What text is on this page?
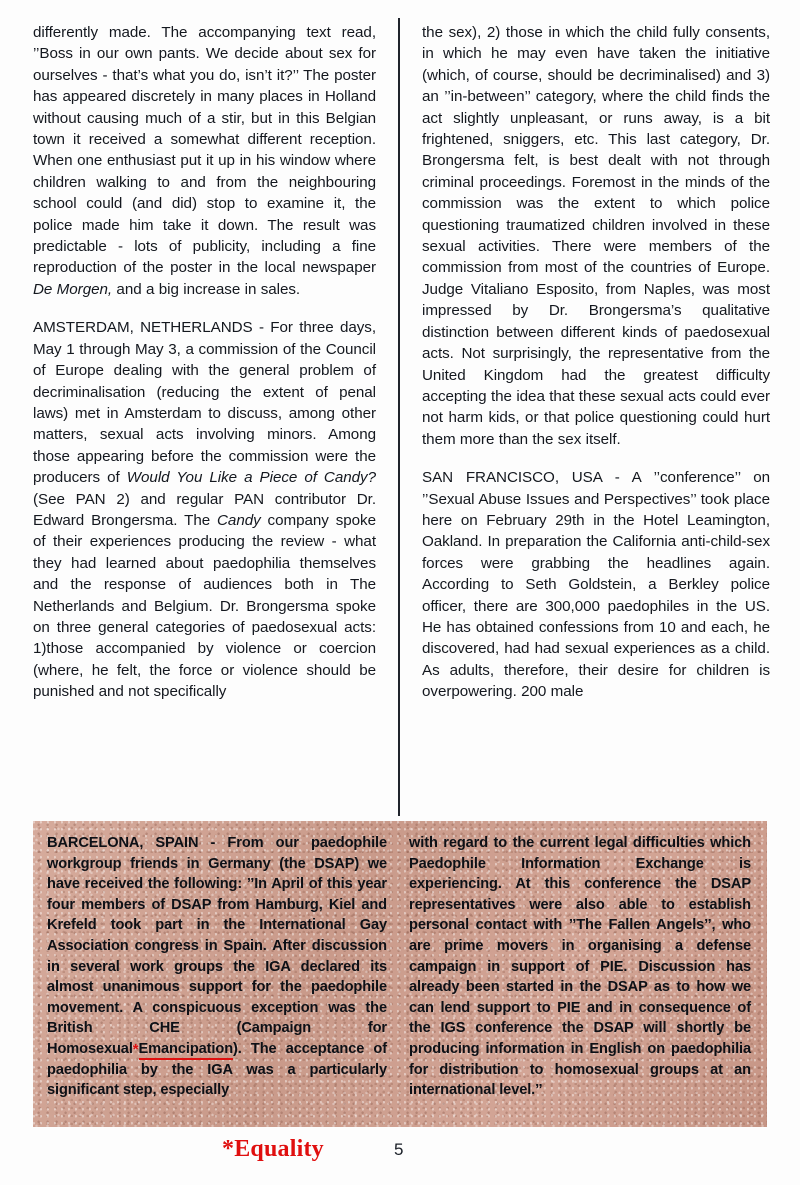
differently made. The accompanying text read, ’’Boss in our own pants. We decide about sex for ourselves - that’s what you do, isn’t it?’’ The poster has appeared discretely in many places in Holland without causing much of a stir, but in this Belgian town it received a somewhat different reception. When one enthusiast put it up in his window where children walking to and from the neighbouring school could (and did) stop to examine it, the police made him take it down. The result was predictable - lots of publicity, including a fine reproduction of the poster in the local newspaper De Morgen, and a big increase in sales.

AMSTERDAM, NETHERLANDS - For three days, May 1 through May 3, a commission of the Council of Europe dealing with the general problem of decriminalisation (reducing the extent of penal laws) met in Amsterdam to discuss, among other matters, sexual acts involving minors. Among those appearing before the commission were the producers of Would You Like a Piece of Candy? (See PAN 2) and regular PAN contributor Dr. Edward Brongersma. The Candy company spoke of their experiences producing the review - what they had learned about paedophilia themselves and the response of audiences both in The Netherlands and Belgium. Dr. Brongersma spoke on three general categories of paedosexual acts: 1)those accompanied by violence or coercion (where, he felt, the force or violence should be punished and not specifically

the sex), 2) those in which the child fully consents, in which he may even have taken the initiative (which, of course, should be decriminalised) and 3) an ’’in-between’’ category, where the child finds the act slightly unpleasant, or runs away, is a bit frightened, sniggers, etc. This last category, Dr. Brongersma felt, is best dealt with not through criminal proceedings. Foremost in the minds of the commission was the extent to which police questioning traumatized children involved in these sexual activities. There were members of the commission from most of the countries of Europe. Judge Vitaliano Esposito, from Naples, was most impressed by Dr. Brongersma’s qualitative distinction between different kinds of paedosexual acts. Not surprisingly, the representative from the United Kingdom had the greatest difficulty accepting the idea that these sexual acts could ever not harm kids, or that police questioning could hurt them more than the sex itself.

SAN FRANCISCO, USA - A ’’conference’’ on ’’Sexual Abuse Issues and Perspectives’’ took place here on February 29th in the Hotel Leamington, Oakland. In preparation the California anti-child-sex forces were grabbing the headlines again. According to Seth Goldstein, a Berkley police officer, there are 300,000 paedophiles in the US. He has obtained confessions from 10 and each, he discovered, had had sexual experiences as a child. As adults, therefore, their desire for children is overpowering. 200 male

BARCELONA, SPAIN - From our paedophile workgroup friends in Germany (the DSAP) we have received the following: ’’In April of this year four members of DSAP from Hamburg, Kiel and Krefeld took part in the International Gay Association congress in Spain. After discussion in several work groups the IGA declared its almost unanimous support for the paedophile movement. A conspicuous exception was the British CHE (Campaign for Homosexual*Emancipation). The acceptance of paedophilia by the IGA was a particularly significant step, especially

with regard to the current legal difficulties which Paedophile Information Exchange is experiencing. At this conference the DSAP representatives were also able to establish personal contact with ’’The Fallen Angels’’, who are prime movers in organising a defense campaign in support of PIE. Discussion has already been started in the DSAP as to how we can lend support to PIE and in consequence of the IGS conference the DSAP will shortly be producing information in English on paedophilia for distribution to homosexual groups at an international level.’’

*Equality	5
